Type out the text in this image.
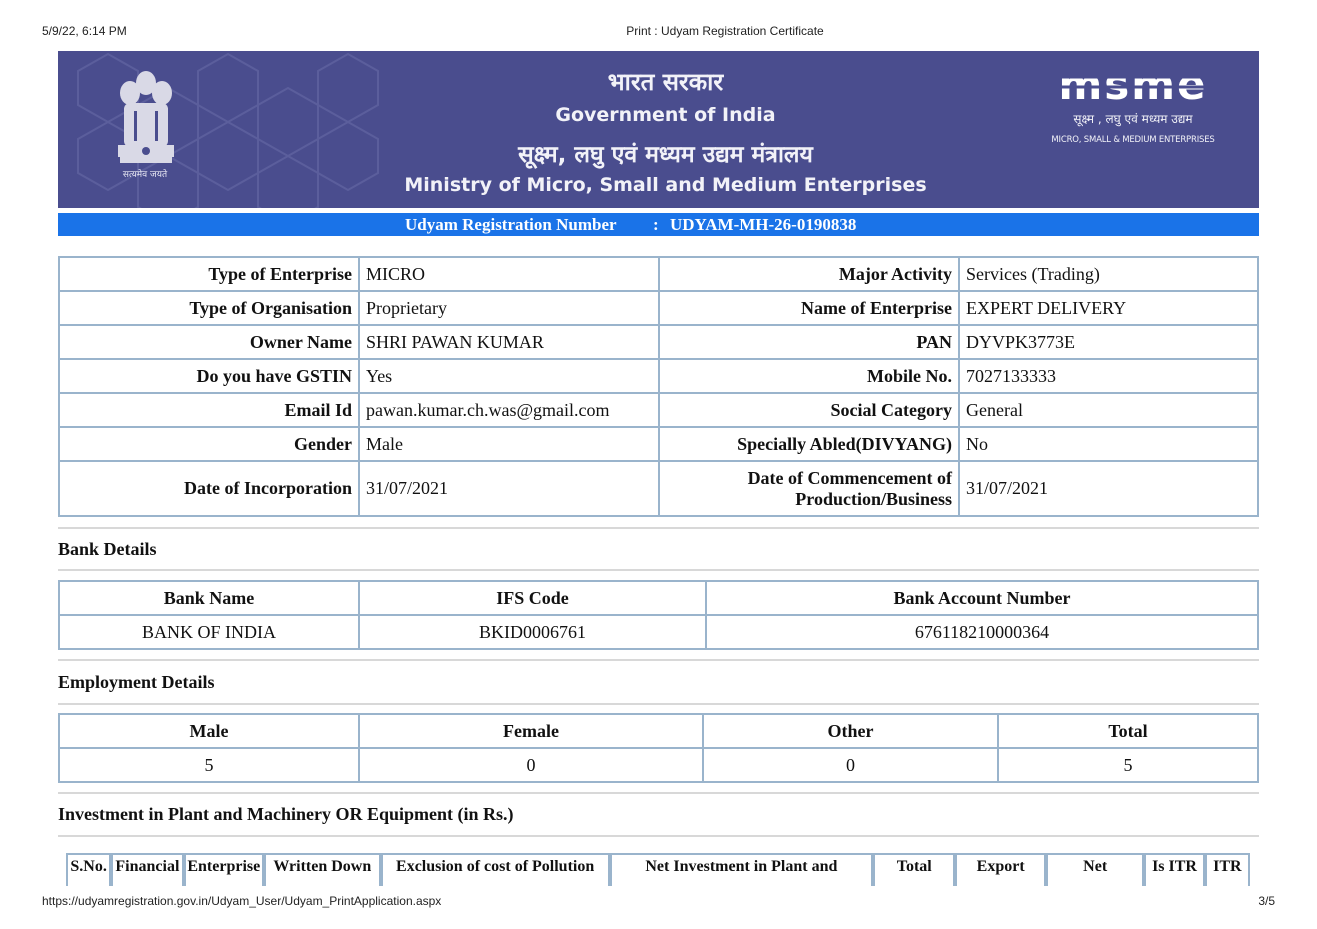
5/9/22, 6:14 PM	Print : Udyam Registration Certificate
सत्यमेव जयते
भारत सरकार
Government of India
सूक्ष्म, लघु एवं मध्यम उद्यम मंत्रालय
Ministry of Micro, Small and Medium Enterprises
msme
सूक्ष्म , लघु एवं मध्यम उद्यम
MICRO, SMALL & MEDIUM ENTERPRISES
Udyam Registration Number : UDYAM-MH-26-0190838
Type of Enterprise	MICRO	Major Activity	Services (Trading)
Type of Organisation	Proprietary	Name of Enterprise	EXPERT DELIVERY
Owner Name	SHRI PAWAN KUMAR	PAN	DYVPK3773E
Do you have GSTIN	Yes	Mobile No.	7027133333
Email Id	pawan.kumar.ch.was@gmail.com	Social Category	General
Gender	Male	Specially Abled(DIVYANG)	No
Date of Incorporation	31/07/2021	Date of Commencement of
Production/Business	31/07/2021
Bank Details
Bank Name	IFS Code	Bank Account Number
BANK OF INDIA	BKID0006761	676118210000364
Employment Details
Male	Female	Other	Total
5	0	0	5
Investment in Plant and Machinery OR Equipment (in Rs.)
S.No.	Financial	Enterprise	Written Down	Exclusion of cost of Pollution	Net Investment in Plant and	Total	Export	Net	Is ITR	ITR
https://udyamregistration.gov.in/Udyam_User/Udyam_PrintApplication.aspx	3/5
